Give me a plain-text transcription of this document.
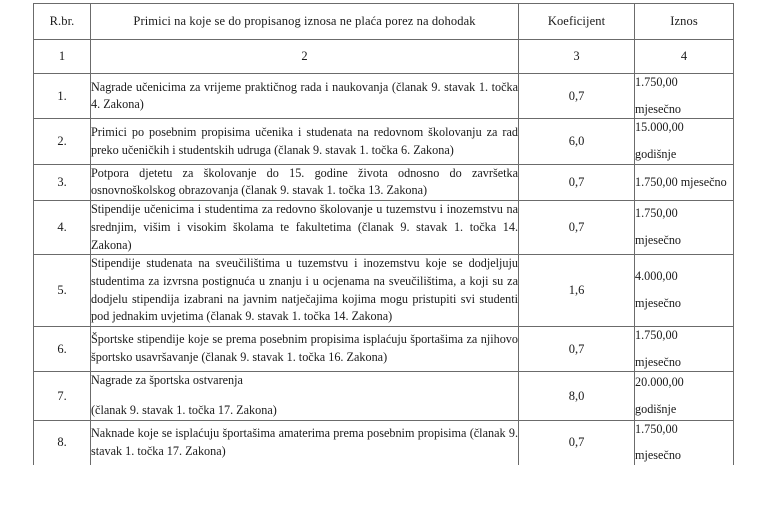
R.br.	Primici na koje se do propisanog iznosa ne plaća porez na dohodak	Koeficijent	Iznos
1	2	3	4
1.	Nagrade učenicima za vrijeme praktičnog rada i naukovanja (članak 9. stavak 1. točka 4. Zakona)	0,7	1.750,00
mjesečno

2.	Primici po posebnim propisima učenika i studenata na redovnom školovanju za rad preko učeničkih i studentskih udruga (članak 9. stavak 1. točka 6. Zakona)	6,0	15.000,00
godišnje

3.	Potpora djetetu za školovanje do 15. godine života odnosno do završetka osnovnoškolskog obrazovanja (članak 9. stavak 1. točka 13. Zakona)	0,7	1.750,00 mjesečno
4.	Stipendije učenicima i studentima za redovno školovanje u tuzemstvu i inozemstvu na srednjim, višim i visokim školama te fakultetima (članak 9. stavak 1. točka 14. Zakona)	0,7	1.750,00
mjesečno

5.	Stipendije studenata na sveučilištima u tuzemstvu i inozemstvu koje se dodjeljuju studentima za izvrsna postignuća u znanju i u ocjenama na sveučilištima, a koji su za dodjelu stipendija izabrani na javnim natječajima kojima mogu pristupiti svi studenti pod jednakim uvjetima (članak 9. stavak 1. točka 14. Zakona)	1,6	4.000,00
mjesečno

6.	Športske stipendije koje se prema posebnim propisima isplaćuju športašima za njihovo športsko usavršavanje (članak 9. stavak 1. točka 16. Zakona)	0,7	1.750,00
mjesečno

7.	Nagrade za športska ostvarenja
(članak 9. stavak 1. točka 17. Zakona)	8,0	20.000,00
godišnje

8.	Naknade koje se isplaćuju športašima amaterima prema posebnim propisima (članak 9. stavak 1. točka 17. Zakona)	0,7	1.750,00
mjesečno
